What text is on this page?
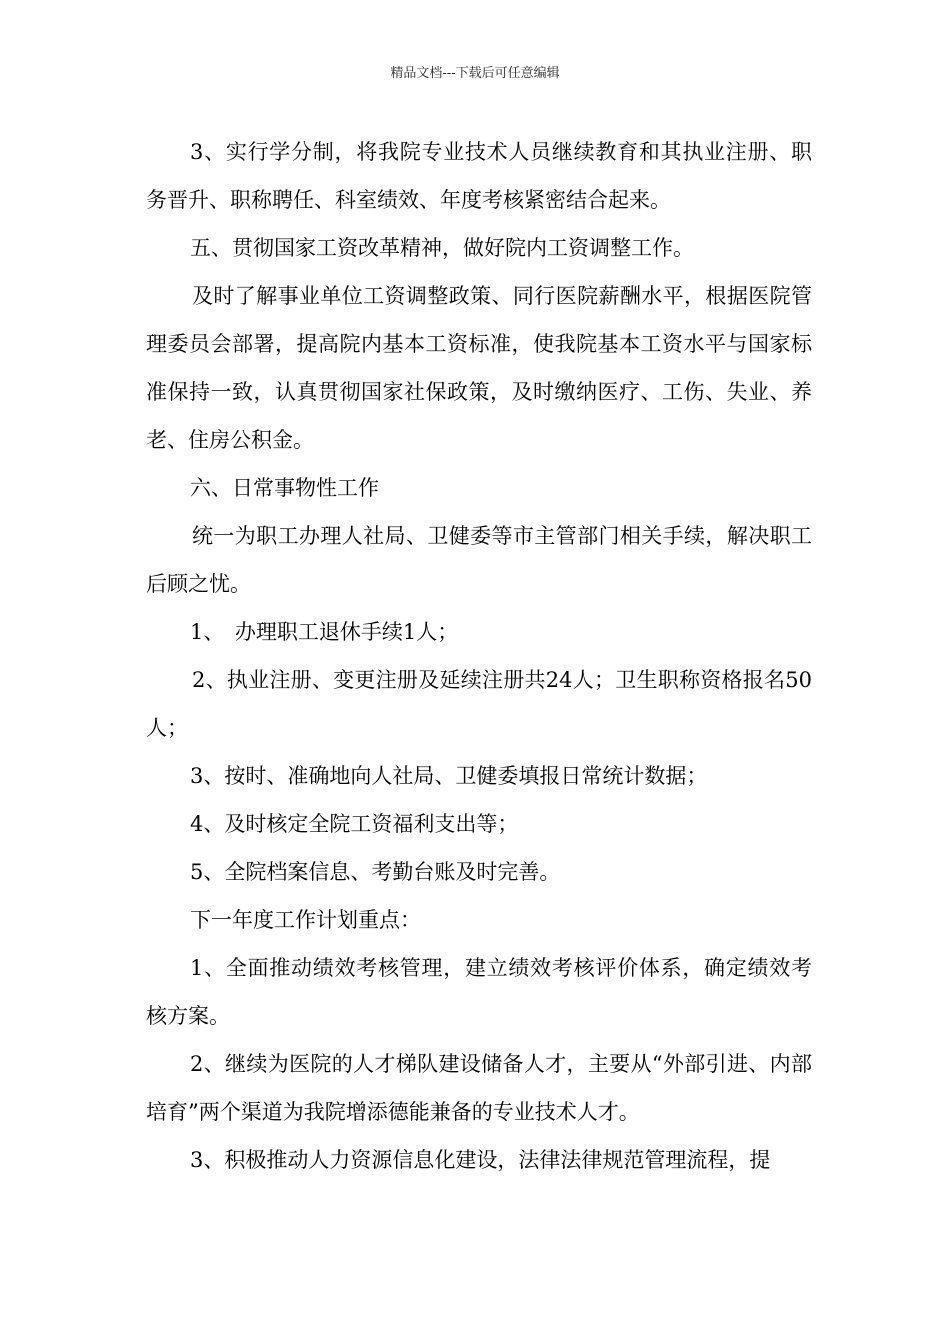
精品文档---下载后可任意编辑

3、实行学分制，将我院专业技术人员继续教育和其执业注册、职务晋升、职称聘任、科室绩效、年度考核紧密结合起来。

五、贯彻国家工资改革精神，做好院内工资调整工作。

及时了解事业单位工资调整政策、同行医院薪酬水平，根据医院管理委员会部署，提高院内基本工资标准，使我院基本工资水平与国家标准保持一致，认真贯彻国家社保政策，及时缴纳医疗、工伤、失业、养老、住房公积金。

六、日常事物性工作

统一为职工办理人社局、卫健委等市主管部门相关手续，解决职工后顾之忧。

1、　办理职工退休手续1人；

2、执业注册、变更注册及延续注册共24人；卫生职称资格报名50人；

3、按时、准确地向人社局、卫健委填报日常统计数据；

4、及时核定全院工资福利支出等；

5、全院档案信息、考勤台账及时完善。

下一年度工作计划重点：

1、全面推动绩效考核管理，建立绩效考核评价体系，确定绩效考核方案。

2、继续为医院的人才梯队建设储备人才，主要从“外部引进、内部培育”两个渠道为我院增添德能兼备的专业技术人才。

3、积极推动人力资源信息化建设，法律法律规范管理流程，提
